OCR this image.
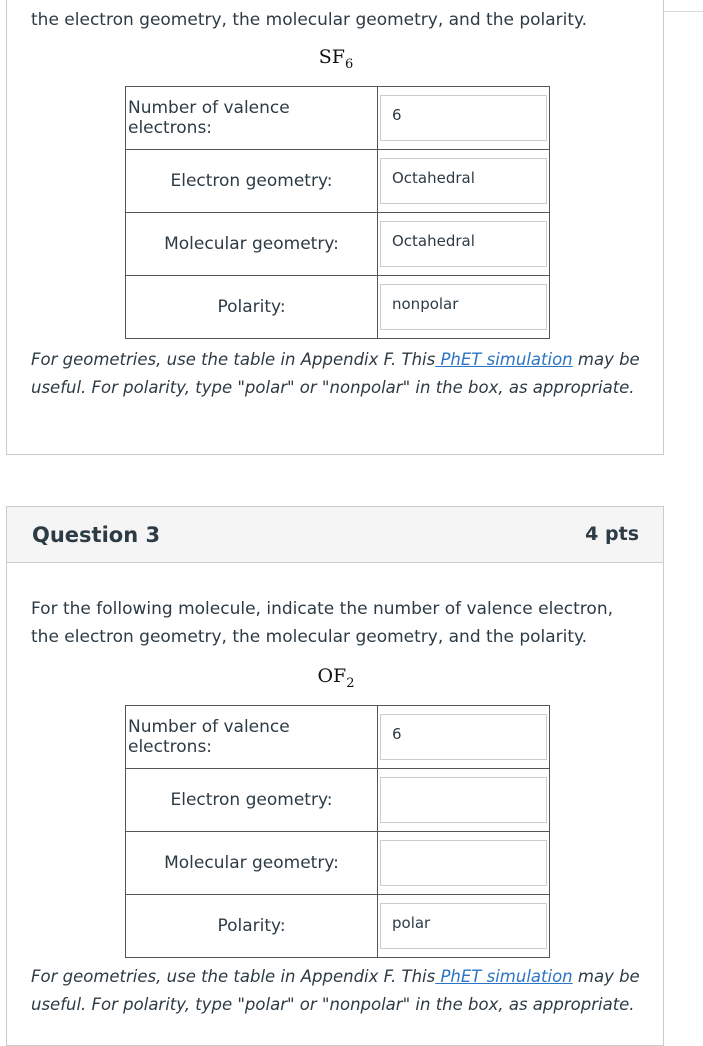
the electron geometry, the molecular geometry, and the polarity.
$SF_6$
Number of valence electrons:	6

Electron geometry:	Octahedral

Molecular geometry:	Octahedral

Polarity:	nonpolar
For geometries, use the table in Appendix F. This PhET simulation may be useful. For polarity, type "polar" or "nonpolar" in the box, as appropriate.
Question 3	4 pts
For the following molecule, indicate the number of valence electron, the electron geometry, the molecular geometry, and the polarity.
$OF_2$
Number of valence electrons:	6

Electron geometry:	

Molecular geometry:	

Polarity:	polar
For geometries, use the table in Appendix F. This PhET simulation may be useful. For polarity, type "polar" or "nonpolar" in the box, as appropriate.
